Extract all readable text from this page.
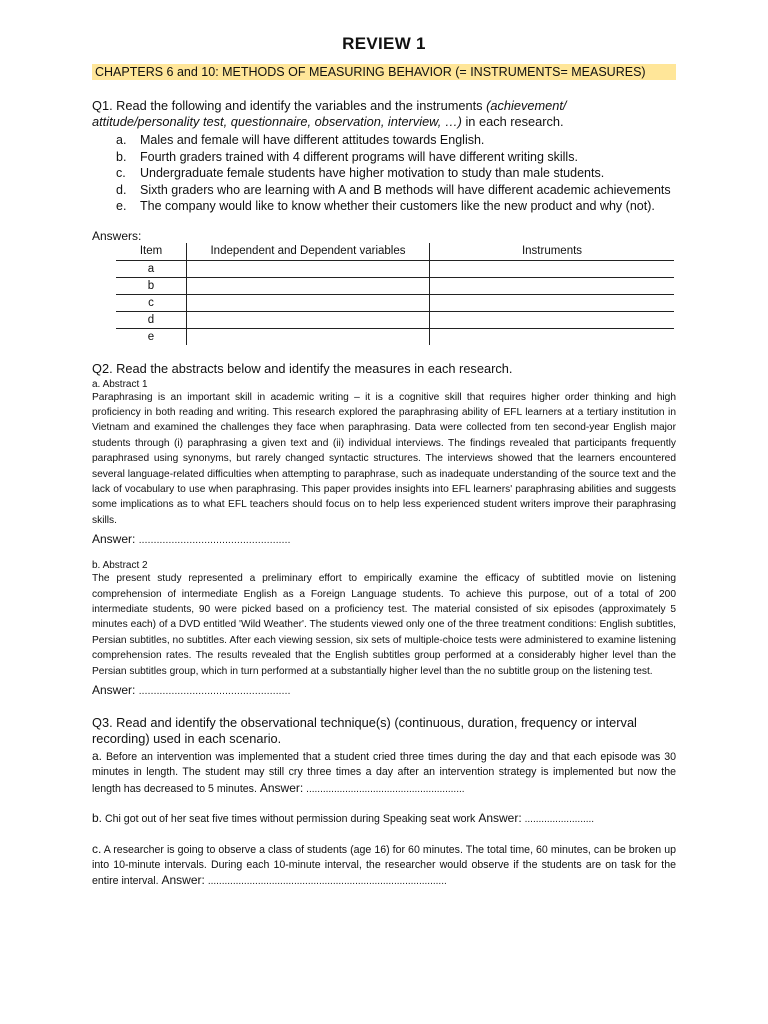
REVIEW 1
CHAPTERS 6 and 10: METHODS OF MEASURING BEHAVIOR (= INSTRUMENTS= MEASURES)
Q1. Read the following and identify the variables and the instruments (achievement/ attitude/personality test, questionnaire, observation, interview, …) in each research.
a.	Males and female will have different attitudes towards English.
b.	Fourth graders trained with 4 different programs will have different writing skills.
c.	Undergraduate female students have higher motivation to study than male students.
d.	Sixth graders who are learning with A and B methods will have different academic achievements
e.	The company would like to know whether their customers like the new product and why (not).
Answers:
Item	Independent and Dependent variables	Instruments
a		
b		
c		
d		
e		
Q2. Read the abstracts below and identify the measures in each research.
a. Abstract 1
Paraphrasing is an important skill in academic writing – it is a cognitive skill that requires higher order thinking and high proficiency in both reading and writing. This research explored the paraphrasing ability of EFL learners at a tertiary institution in Vietnam and examined the challenges they face when paraphrasing. Data were collected from ten second-year English major students through (i) paraphrasing a given text and (ii) individual interviews. The findings revealed that participants frequently paraphrased using synonyms, but rarely changed syntactic structures. The interviews showed that the learners encountered several language-related difficulties when attempting to paraphrase, such as inadequate understanding of the source text and the lack of vocabulary to use when paraphrasing. This paper provides insights into EFL learners' paraphrasing abilities and suggests some implications as to what EFL teachers should focus on to help less experienced student writers improve their paraphrasing skills.
Answer: ...................................................
b. Abstract 2
The present study represented a preliminary effort to empirically examine the efficacy of subtitled movie on listening comprehension of intermediate English as a Foreign Language students. To achieve this purpose, out of a total of 200 intermediate students, 90 were picked based on a proficiency test. The material consisted of six episodes (approximately 5 minutes each) of a DVD entitled 'Wild Weather'. The students viewed only one of the three treatment conditions: English subtitles, Persian subtitles, no subtitles. After each viewing session, six sets of multiple-choice tests were administered to examine listening comprehension rates. The results revealed that the English subtitles group performed at a considerably higher level than the Persian subtitles group, which in turn performed at a substantially higher level than the no subtitle group on the listening test.
Answer: ...................................................
Q3. Read and identify the observational technique(s) (continuous, duration, frequency or interval recording) used in each scenario.
a. Before an intervention was implemented that a student cried three times during the day and that each episode was 30 minutes in length. The student may still cry three times a day after an intervention strategy is implemented but now the length has decreased to 5 minutes. Answer: .........................................................
b. Chi got out of her seat five times without permission during Speaking seat work Answer: .........................
c. A researcher is going to observe a class of students (age 16) for 60 minutes. The total time, 60 minutes, can be broken up into 10-minute intervals. During each 10-minute interval, the researcher would observe if the students are on task for the entire interval. Answer: ......................................................................................
